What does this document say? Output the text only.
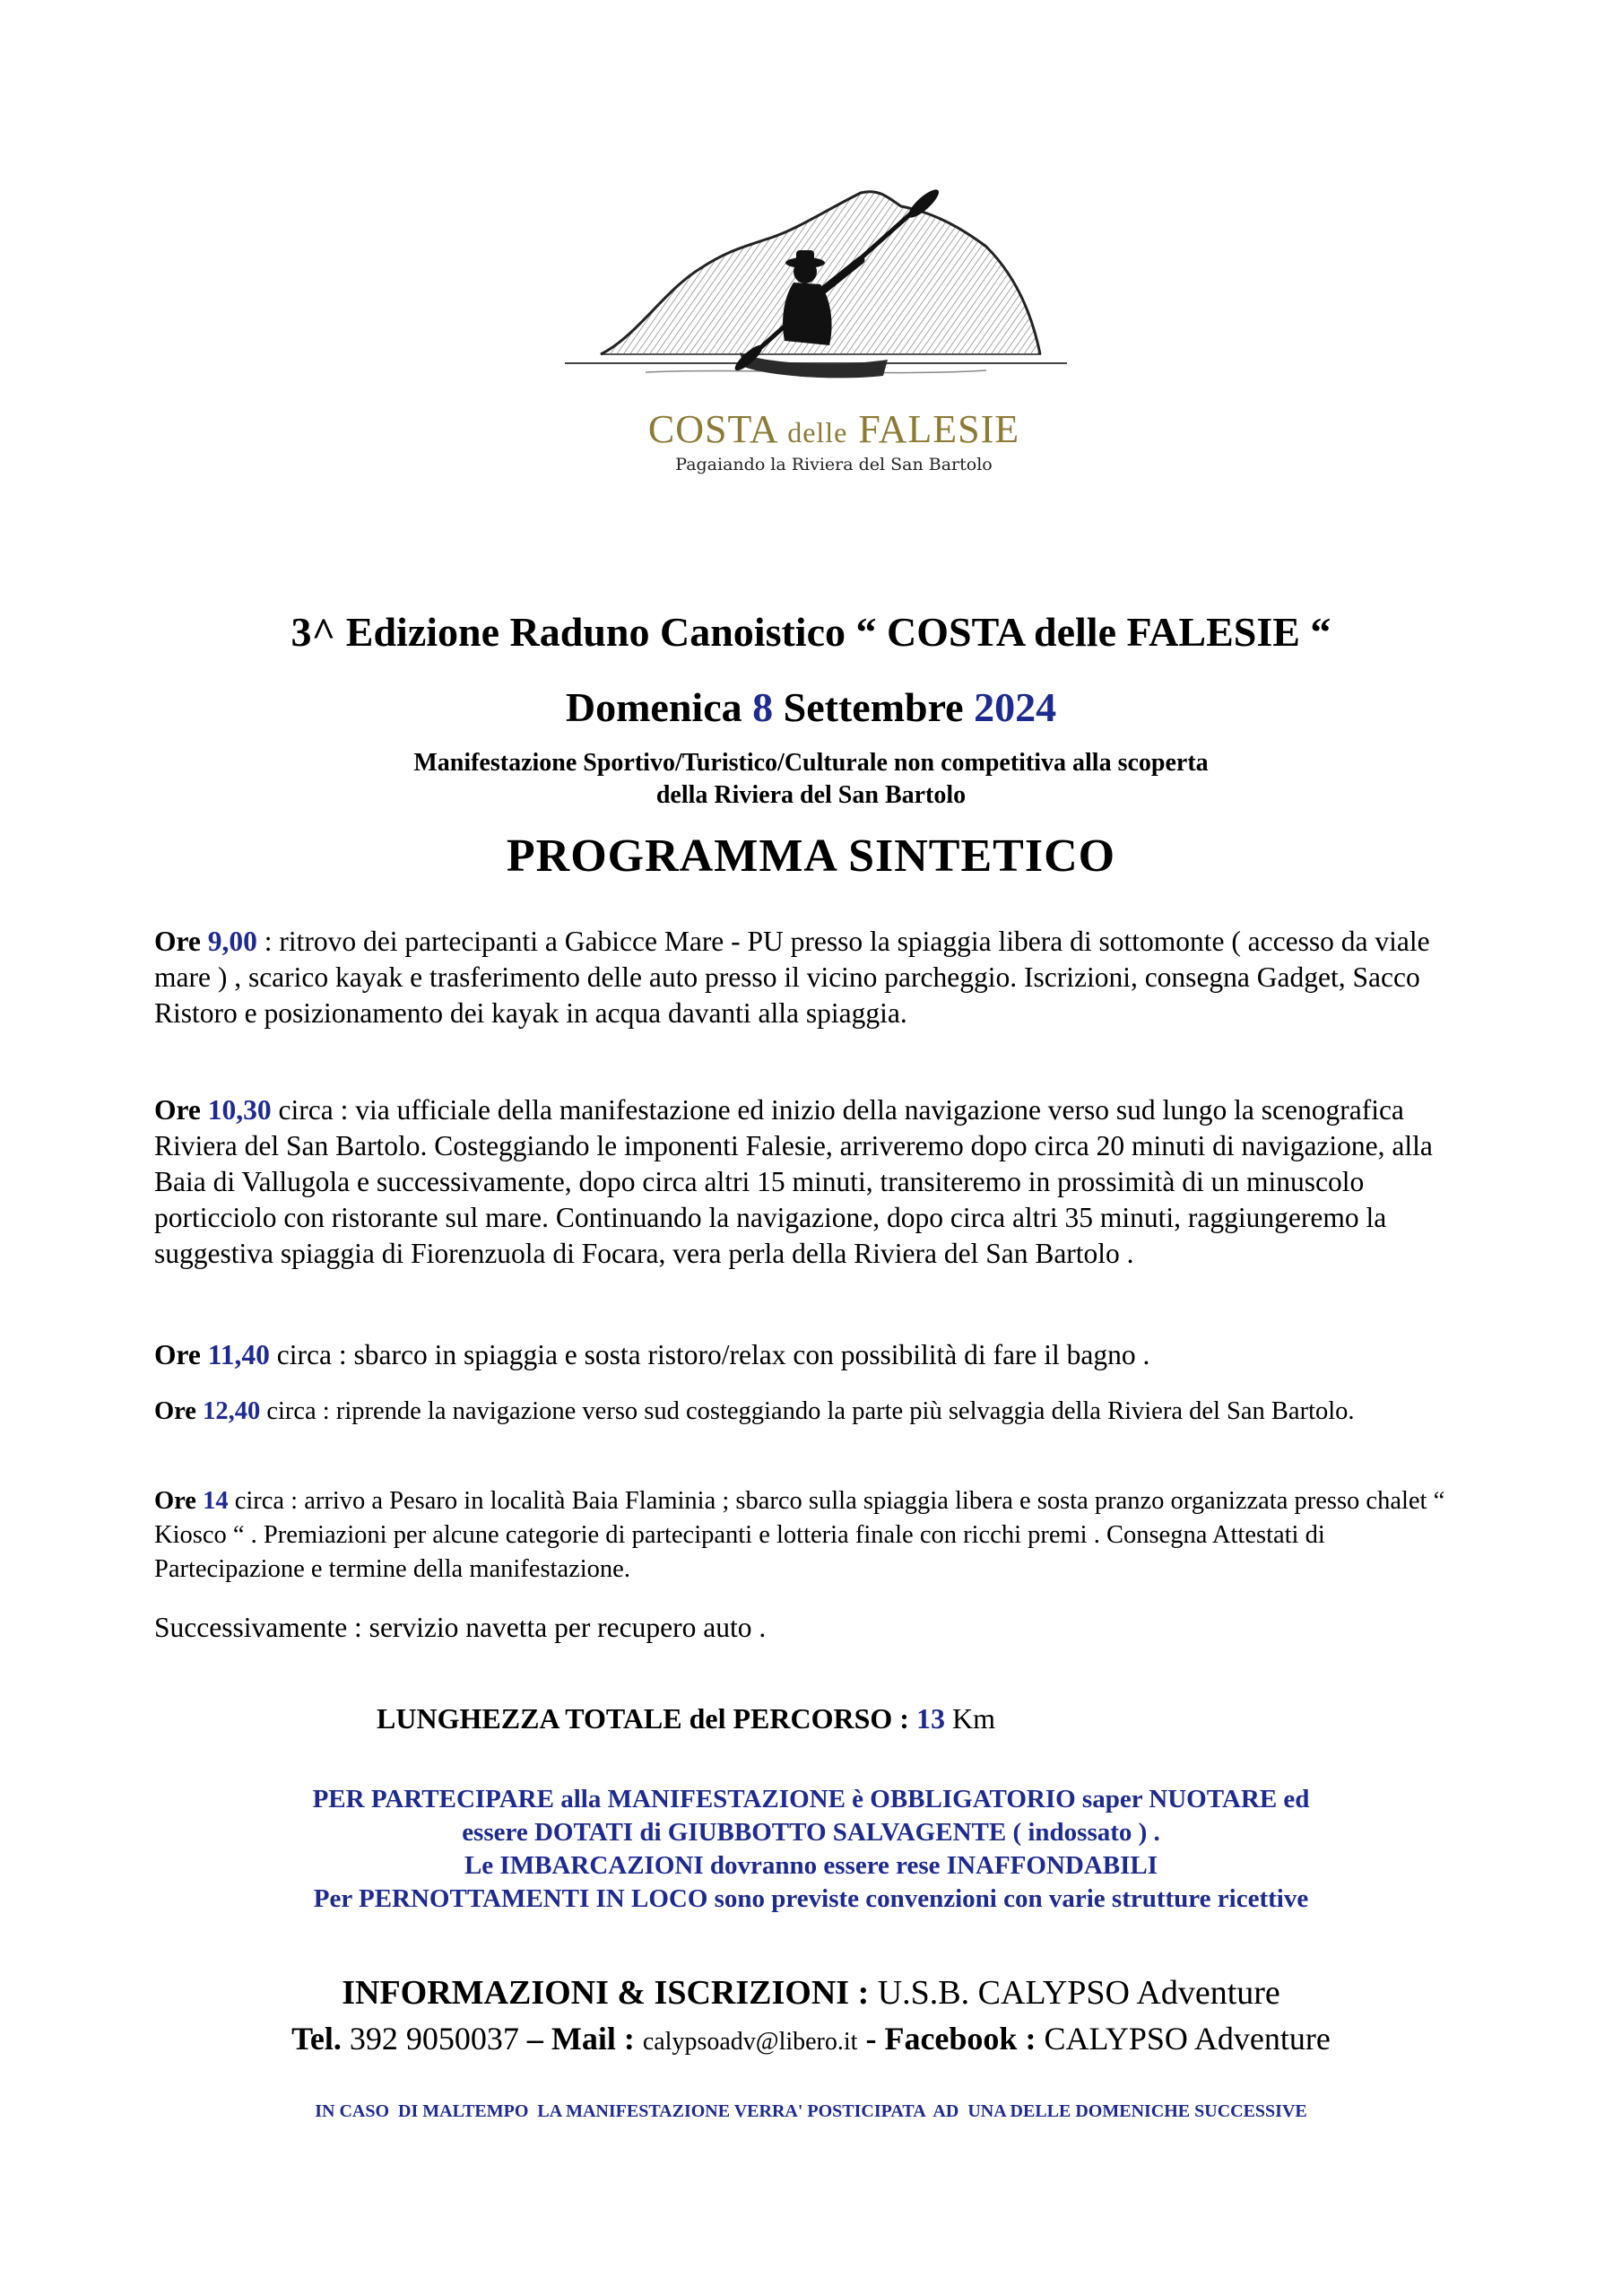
COSTA delle FALESIE
Pagaiando la Riviera del San Bartolo
3^ Edizione Raduno Canoistico “ COSTA delle FALESIE “
Domenica 8 Settembre 2024
Manifestazione Sportivo/Turistico/Culturale non competitiva alla scoperta
della Riviera del San Bartolo
PROGRAMMA SINTETICO
Ore 9,00 : ritrovo dei partecipanti a Gabicce Mare - PU presso la spiaggia libera di sottomonte ( accesso da viale mare ) , scarico kayak e trasferimento delle auto presso il vicino parcheggio. Iscrizioni, consegna Gadget, Sacco Ristoro e posizionamento dei kayak in acqua davanti alla spiaggia.
Ore 10,30 circa : via ufficiale della manifestazione ed inizio della navigazione verso sud lungo la scenografica Riviera del San Bartolo. Costeggiando le imponenti Falesie, arriveremo dopo circa 20 minuti di navigazione, alla Baia di Vallugola e successivamente, dopo circa altri 15 minuti, transiteremo in prossimità di un minuscolo porticciolo con ristorante sul mare. Continuando la navigazione, dopo circa altri 35 minuti, raggiungeremo la suggestiva spiaggia di Fiorenzuola di Focara, vera perla della Riviera del San Bartolo .
Ore 11,40 circa : sbarco in spiaggia e sosta ristoro/relax con possibilità di fare il bagno .
Ore 12,40 circa : riprende la navigazione verso sud costeggiando la parte più selvaggia della Riviera del San Bartolo.
Ore 14 circa : arrivo a Pesaro in località Baia Flaminia ; sbarco sulla spiaggia libera e sosta pranzo organizzata presso chalet “ Kiosco “ . Premiazioni per alcune categorie di partecipanti e lotteria finale con ricchi premi . Consegna Attestati di Partecipazione e termine della manifestazione.
Successivamente : servizio navetta per recupero auto .
LUNGHEZZA TOTALE del PERCORSO : 13 Km
PER PARTECIPARE alla MANIFESTAZIONE è OBBLIGATORIO saper NUOTARE ed
essere DOTATI di GIUBBOTTO SALVAGENTE ( indossato ) .
Le IMBARCAZIONI dovranno essere rese INAFFONDABILI
Per PERNOTTAMENTI IN LOCO sono previste convenzioni con varie strutture ricettive
INFORMAZIONI & ISCRIZIONI : U.S.B. CALYPSO Adventure
Tel. 392 9050037 – Mail : calypsoadv@libero.it - Facebook : CALYPSO Adventure
IN CASO  DI MALTEMPO  LA MANIFESTAZIONE VERRA' POSTICIPATA  AD  UNA DELLE DOMENICHE SUCCESSIVE
